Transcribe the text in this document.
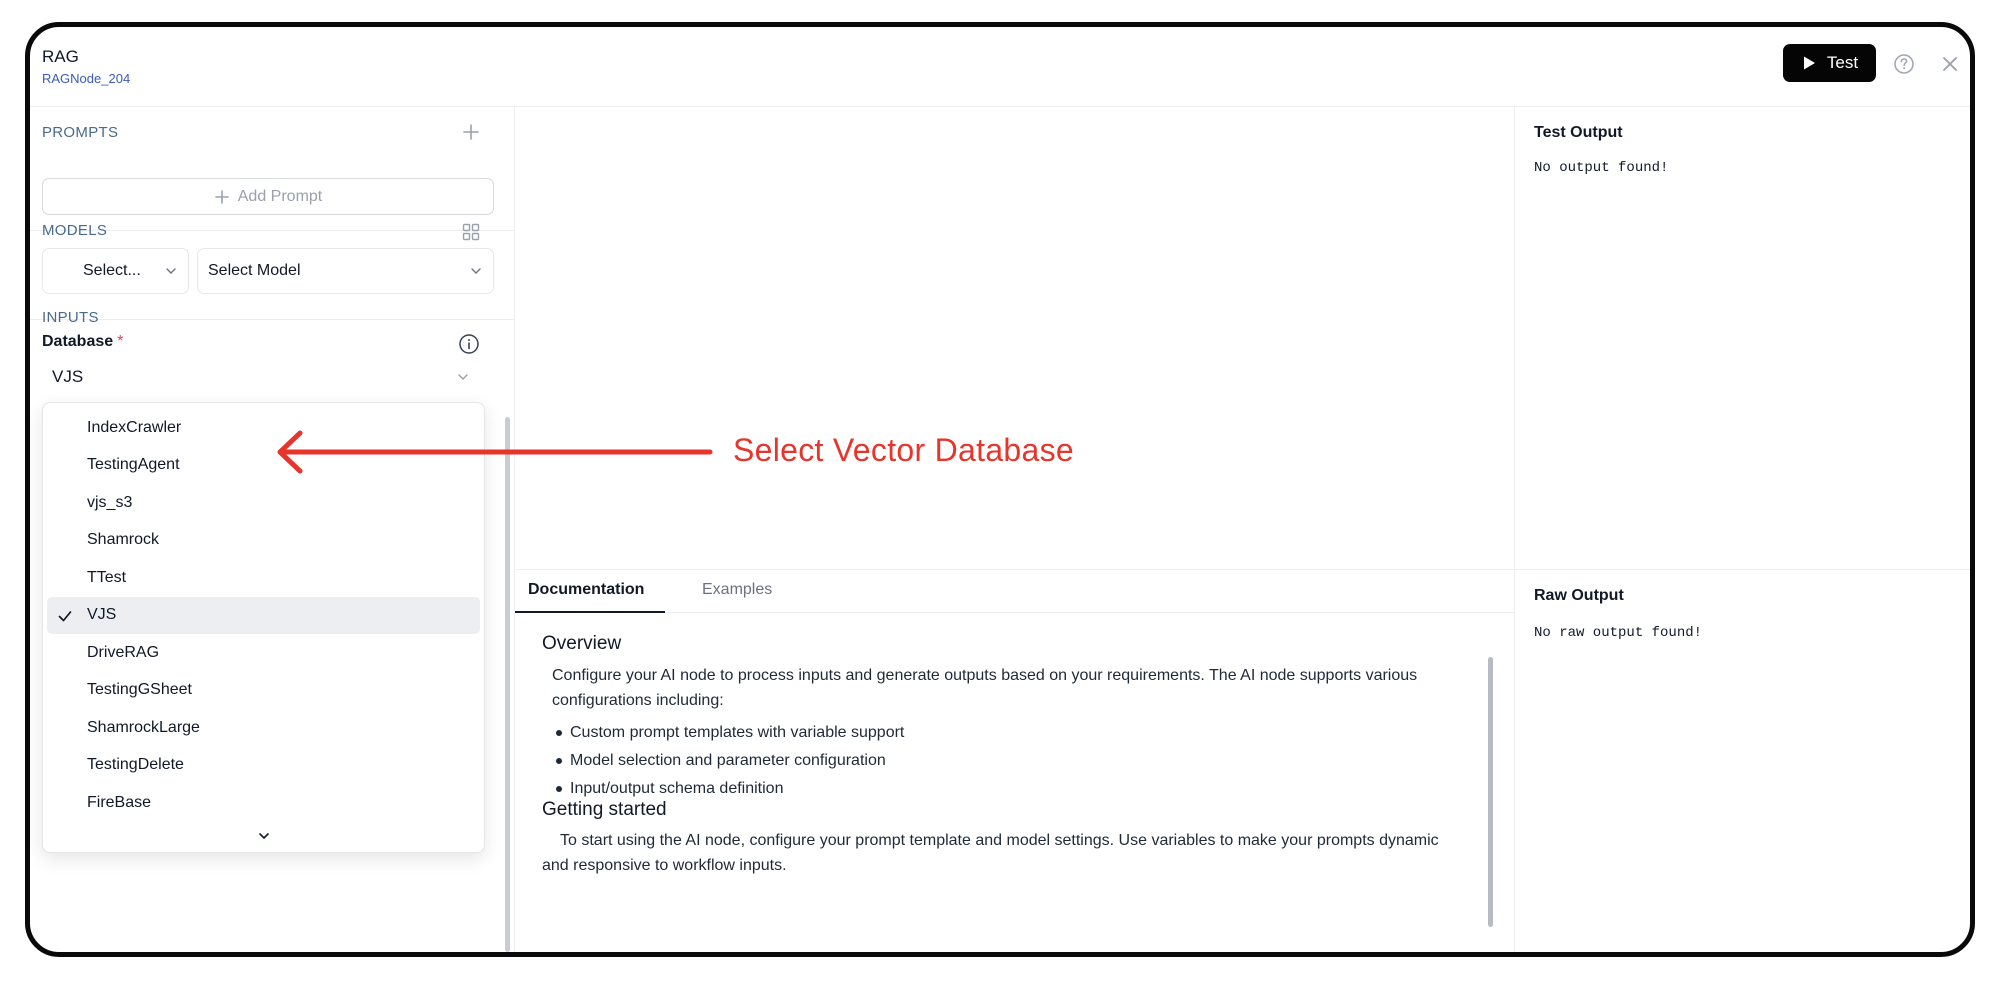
RAG
RAGNode_204
Test
PROMPTS
Add Prompt
MODELS
Select...	Select Model
INPUTS
Database *
VJS
IndexCrawler
TestingAgent
vjs_s3
Shamrock
TTest
VJS
DriveRAG
TestingGSheet
ShamrockLarge
TestingDelete
FireBase
Documentation	Examples
Overview

Configure your AI node to process inputs and generate outputs based on your requirements. The AI node supports various configurations including:

Custom prompt templates with variable support
Model selection and parameter configuration
Input/output schema definition
Getting started

To start using the AI node, configure your prompt template and model settings. Use variables to make your prompts dynamic and responsive to workflow inputs.

Test Output
No output found!
Raw Output
No raw output found!
Select Vector Database
